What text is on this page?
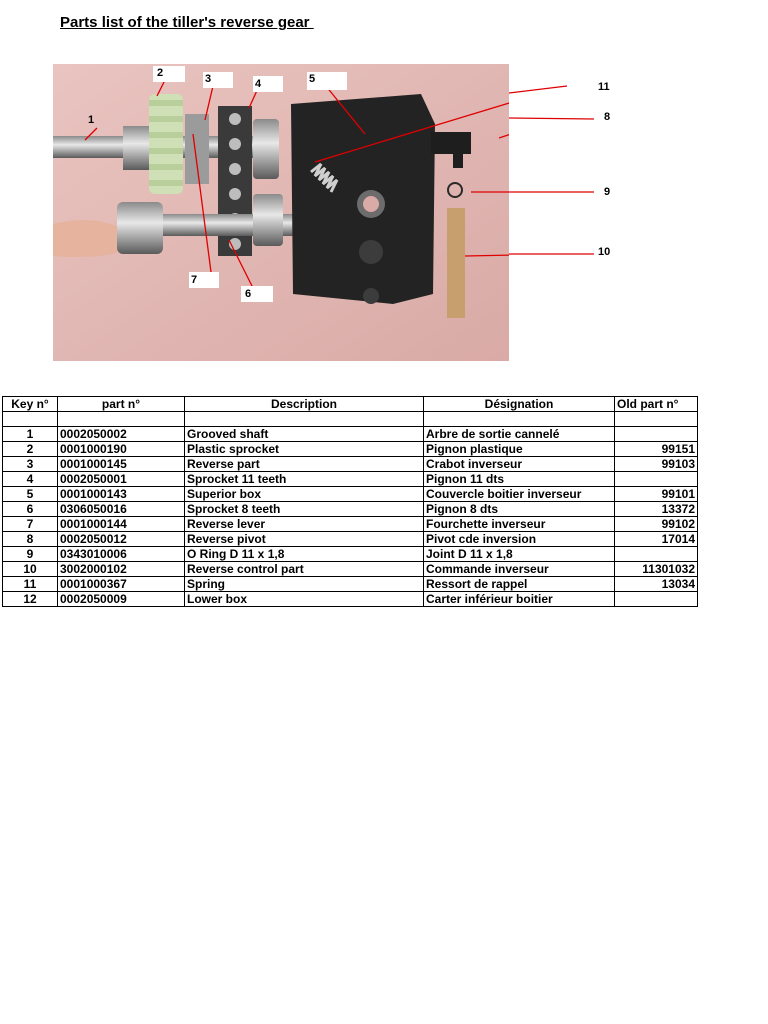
Parts list of the tiller's reverse gear
1
2	3	4	5
6
7
11
8
9
10
Key n°	part n°	Description	Désignation	Old part n°

1	0002050002	Grooved shaft	Arbre de sortie cannelé	
2	0001000190	Plastic sprocket	Pignon plastique	99151
3	0001000145	Reverse part	Crabot inverseur	99103
4	0002050001	Sprocket 11 teeth	Pignon 11 dts	
5	0001000143	Superior box	Couvercle boitier inverseur	99101
6	0306050016	Sprocket 8 teeth	Pignon 8 dts	13372
7	0001000144	Reverse lever	Fourchette inverseur	99102
8	0002050012	Reverse pivot	Pivot cde inversion	17014
9	0343010006	O Ring D 11 x 1,8	Joint D 11 x 1,8	
10	3002000102	Reverse control part	Commande inverseur	11301032
11	0001000367	Spring	Ressort de rappel	13034
12	0002050009	Lower box	Carter inférieur boitier	
